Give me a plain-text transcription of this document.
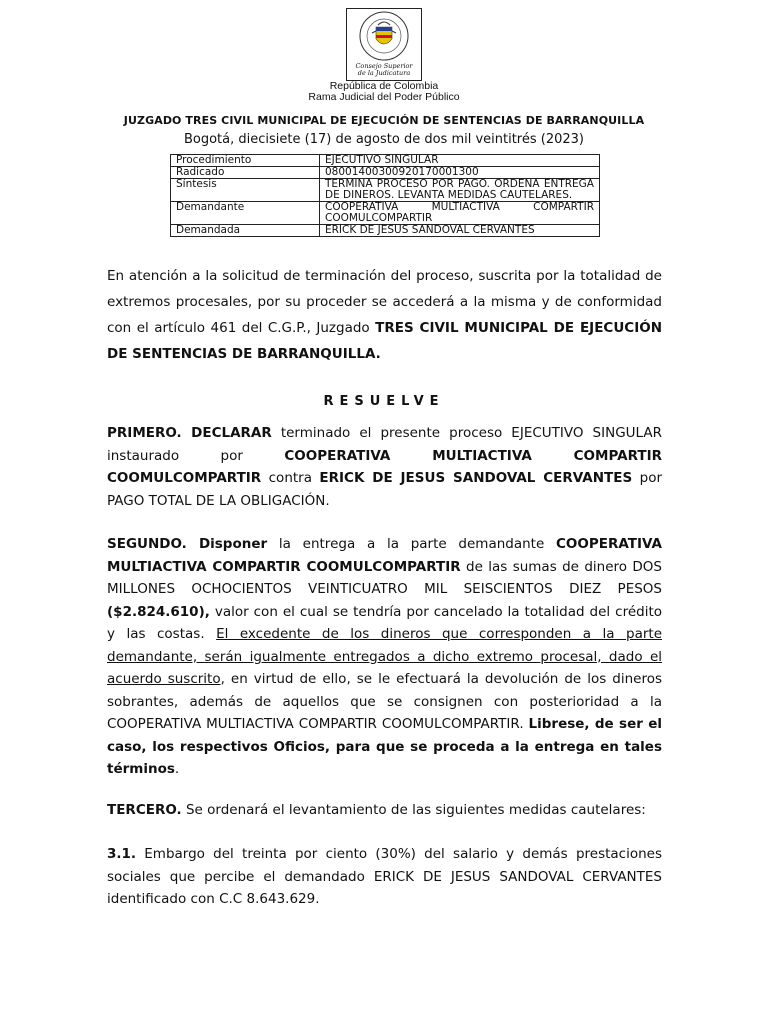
Consejo Superior
de la Judicatura
República de Colombia
Rama Judicial del Poder Público
JUZGADO TRES CIVIL MUNICIPAL DE EJECUCIÓN DE SENTENCIAS DE BARRANQUILLA
Bogotá, diecisiete (17) de agosto de dos mil veintitrés (2023)
Procedimiento	EJECUTIVO SINGULAR
Radicado	08001400300920170001300
Síntesis	TERMINA PROCESO POR PAGO. ORDENA ENTREGA DE DINEROS. LEVANTA MEDIDAS CAUTELARES.
Demandante	COOPERATIVA MULTIACTIVA COMPARTIR COOMULCOMPARTIR
Demandada	ERICK DE JESUS SANDOVAL CERVANTES
En atención a la solicitud de terminación del proceso, suscrita por la totalidad de extremos procesales, por su proceder se accederá a la misma y de conformidad con el artículo 461 del C.G.P., Juzgado TRES CIVIL MUNICIPAL DE EJECUCIÓN DE SENTENCIAS DE BARRANQUILLA.
RESUELVE
PRIMERO. DECLARAR terminado el presente proceso EJECUTIVO SINGULAR instaurado por COOPERATIVA MULTIACTIVA COMPARTIR COOMULCOMPARTIR contra ERICK DE JESUS SANDOVAL CERVANTES por PAGO TOTAL DE LA OBLIGACIÓN.
SEGUNDO. Disponer la entrega a la parte demandante COOPERATIVA MULTIACTIVA COMPARTIR COOMULCOMPARTIR de las sumas de dinero DOS MILLONES OCHOCIENTOS VEINTICUATRO MIL SEISCIENTOS DIEZ PESOS ($2.824.610), valor con el cual se tendría por cancelado la totalidad del crédito y las costas. El excedente de los dineros que corresponden a la parte demandante, serán igualmente entregados a dicho extremo procesal, dado el acuerdo suscrito, en virtud de ello, se le efectuará la devolución de los dineros sobrantes, además de aquellos que se consignen con posterioridad a la COOPERATIVA MULTIACTIVA COMPARTIR COOMULCOMPARTIR. Librese, de ser el caso, los respectivos Oficios, para que se proceda a la entrega en tales términos.
TERCERO. Se ordenará el levantamiento de las siguientes medidas cautelares:
3.1. Embargo del treinta por ciento (30%) del salario y demás prestaciones sociales que percibe el demandado ERICK DE JESUS SANDOVAL CERVANTES identificado con C.C 8.643.629.
